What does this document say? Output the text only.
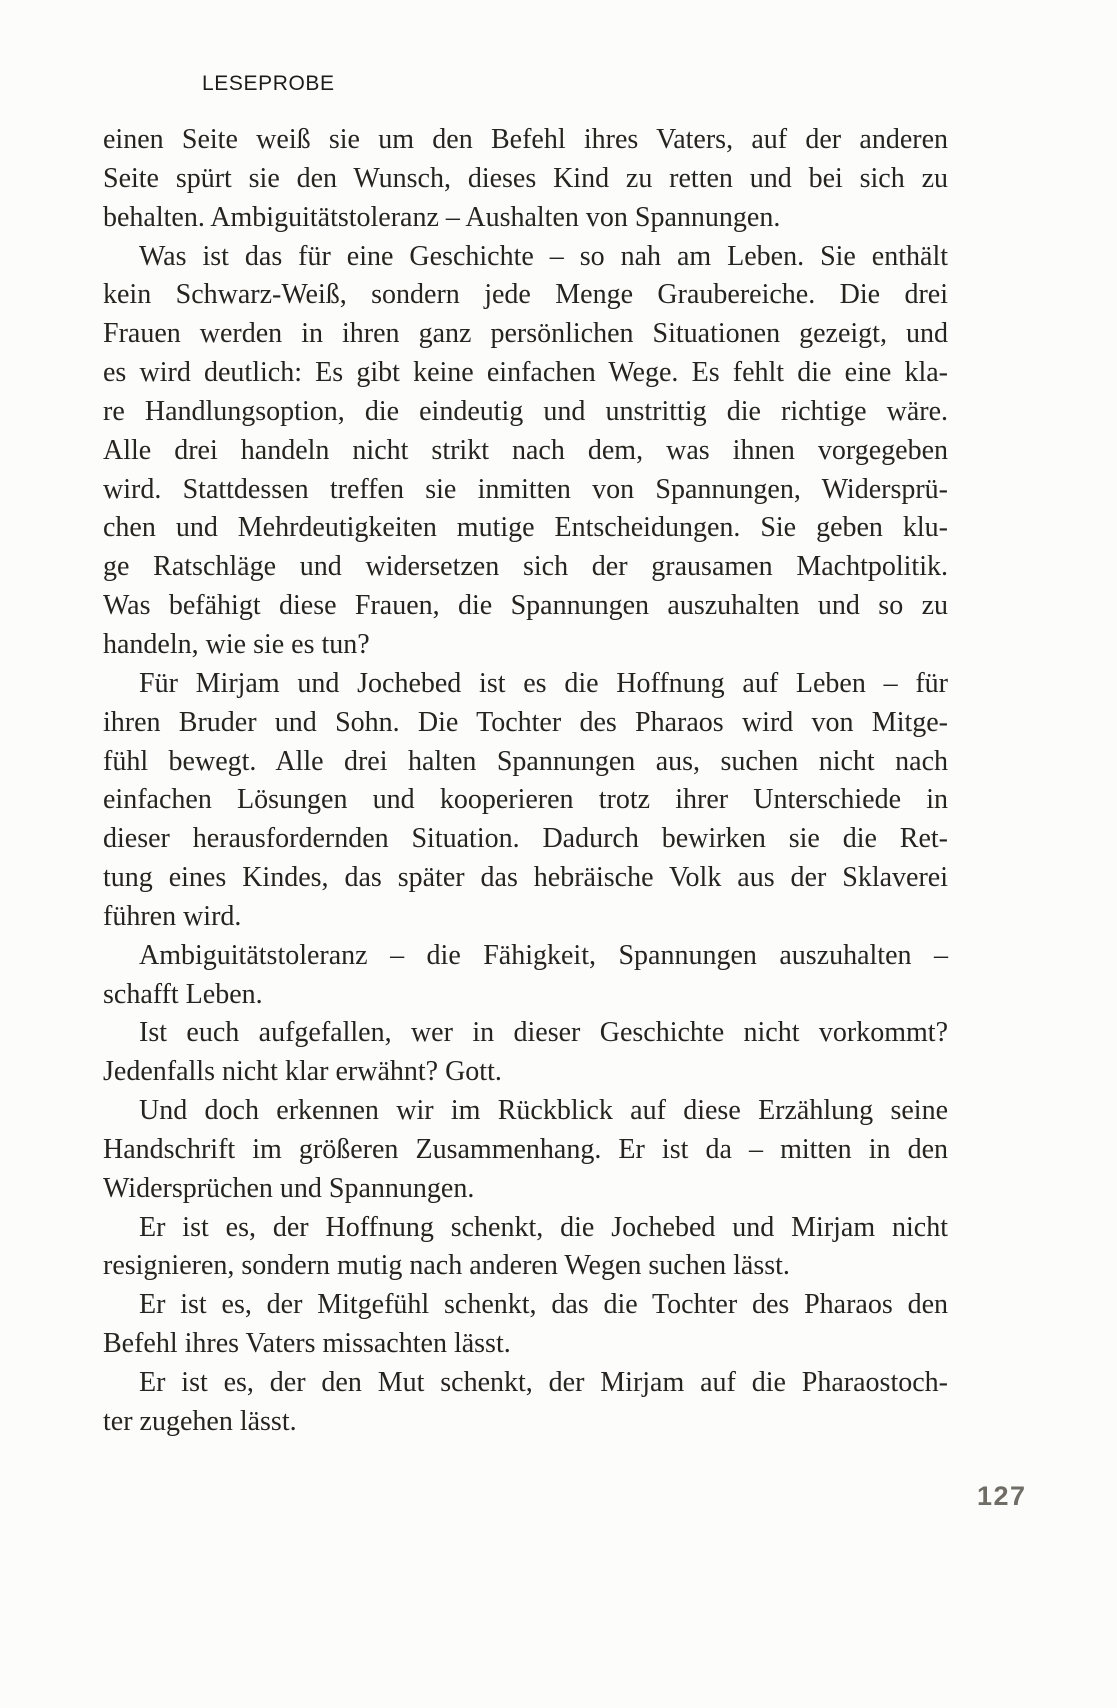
LESEPROBE
einen Seite weiß sie um den Befehl ihres Vaters, auf der anderen
Seite spürt sie den Wunsch, dieses Kind zu retten und bei sich zu
behalten. Ambiguitätstoleranz – Aushalten von Spannungen.
Was ist das für eine Geschichte – so nah am Leben. Sie enthält
kein Schwarz-Weiß, sondern jede Menge Graubereiche. Die drei
Frauen werden in ihren ganz persönlichen Situationen gezeigt, und
es wird deutlich: Es gibt keine einfachen Wege. Es fehlt die eine kla-
re Handlungsoption, die eindeutig und unstrittig die richtige wäre.
Alle drei handeln nicht strikt nach dem, was ihnen vorgegeben
wird. Stattdessen treffen sie inmitten von Spannungen, Widersprü-
chen und Mehrdeutigkeiten mutige Entscheidungen. Sie geben klu-
ge Ratschläge und widersetzen sich der grausamen Machtpolitik.
Was befähigt diese Frauen, die Spannungen auszuhalten und so zu
handeln, wie sie es tun?
Für Mirjam und Jochebed ist es die Hoffnung auf Leben – für
ihren Bruder und Sohn. Die Tochter des Pharaos wird von Mitge-
fühl bewegt. Alle drei halten Spannungen aus, suchen nicht nach
einfachen Lösungen und kooperieren trotz ihrer Unterschiede in
dieser herausfordernden Situation. Dadurch bewirken sie die Ret-
tung eines Kindes, das später das hebräische Volk aus der Sklaverei
führen wird.
Ambiguitätstoleranz – die Fähigkeit, Spannungen auszuhalten –
schafft Leben.
Ist euch aufgefallen, wer in dieser Geschichte nicht vorkommt?
Jedenfalls nicht klar erwähnt? Gott.
Und doch erkennen wir im Rückblick auf diese Erzählung seine
Handschrift im größeren Zusammenhang. Er ist da – mitten in den
Widersprüchen und Spannungen.
Er ist es, der Hoffnung schenkt, die Jochebed und Mirjam nicht
resignieren, sondern mutig nach anderen Wegen suchen lässt.
Er ist es, der Mitgefühl schenkt, das die Tochter des Pharaos den
Befehl ihres Vaters missachten lässt.
Er ist es, der den Mut schenkt, der Mirjam auf die Pharaostoch-
ter zugehen lässt.
127
